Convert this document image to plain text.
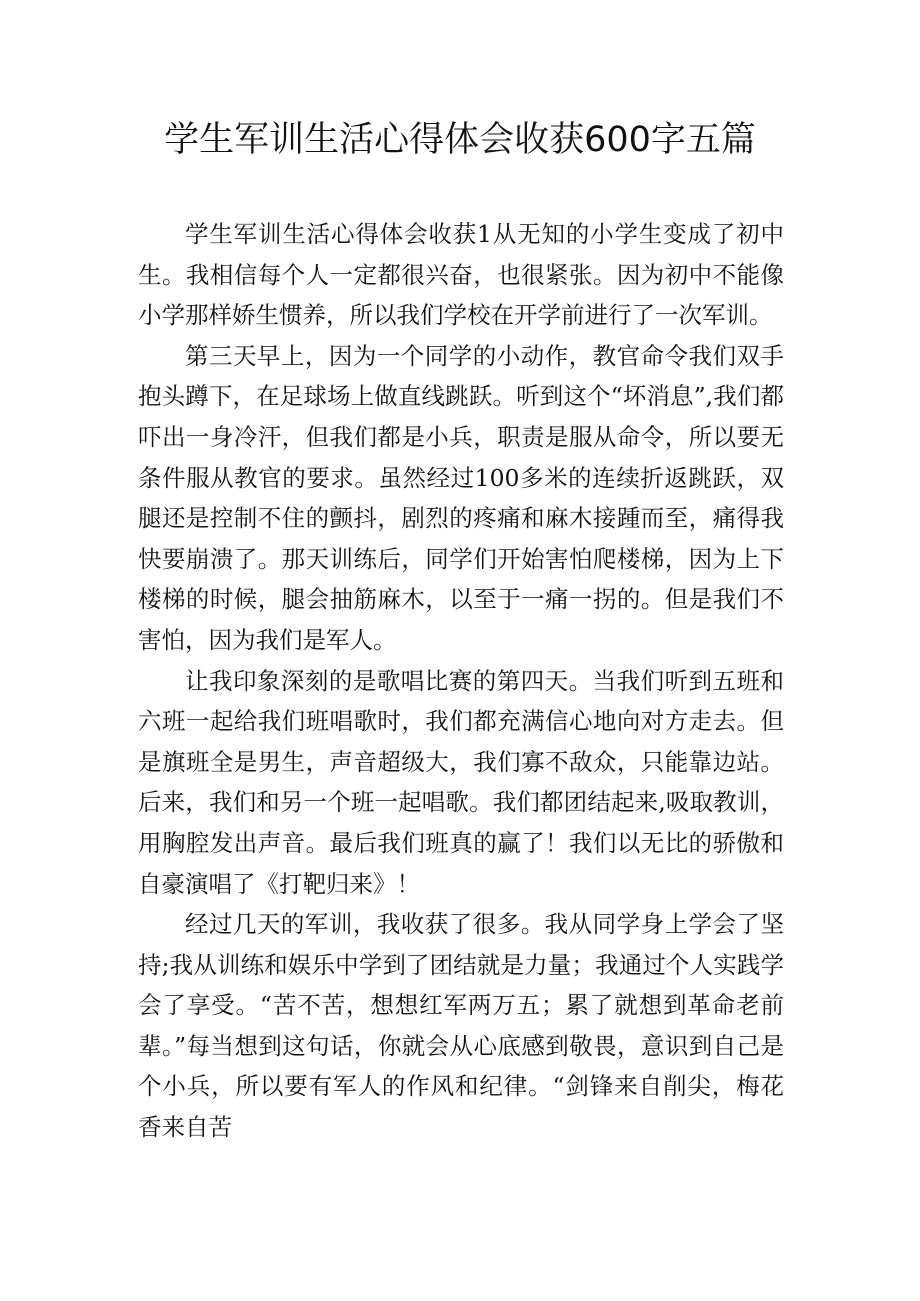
学生军训生活心得体会收获600字五篇

学生军训生活心得体会收获1从无知的小学生变成了初中生。我相信每个人一定都很兴奋，也很紧张。因为初中不能像小学那样娇生惯养，所以我们学校在开学前进行了一次军训。

第三天早上，因为一个同学的小动作，教官命令我们双手抱头蹲下，在足球场上做直线跳跃。听到这个“坏消息”,我们都吓出一身冷汗，但我们都是小兵，职责是服从命令，所以要无条件服从教官的要求。虽然经过100多米的连续折返跳跃，双腿还是控制不住的颤抖，剧烈的疼痛和麻木接踵而至，痛得我快要崩溃了。那天训练后，同学们开始害怕爬楼梯，因为上下楼梯的时候，腿会抽筋麻木，以至于一痛一拐的。但是我们不害怕，因为我们是军人。

让我印象深刻的是歌唱比赛的第四天。当我们听到五班和六班一起给我们班唱歌时，我们都充满信心地向对方走去。但是旗班全是男生，声音超级大，我们寡不敌众，只能靠边站。后来，我们和另一个班一起唱歌。我们都团结起来,吸取教训，用胸腔发出声音。最后我们班真的赢了！我们以无比的骄傲和自豪演唱了《打靶归来》！

经过几天的军训，我收获了很多。我从同学身上学会了坚持;我从训练和娱乐中学到了团结就是力量；我通过个人实践学会了享受。“苦不苦，想想红军两万五；累了就想到革命老前辈。”每当想到这句话，你就会从心底感到敬畏，意识到自己是个小兵，所以要有军人的作风和纪律。“剑锋来自削尖，梅花香来自苦
